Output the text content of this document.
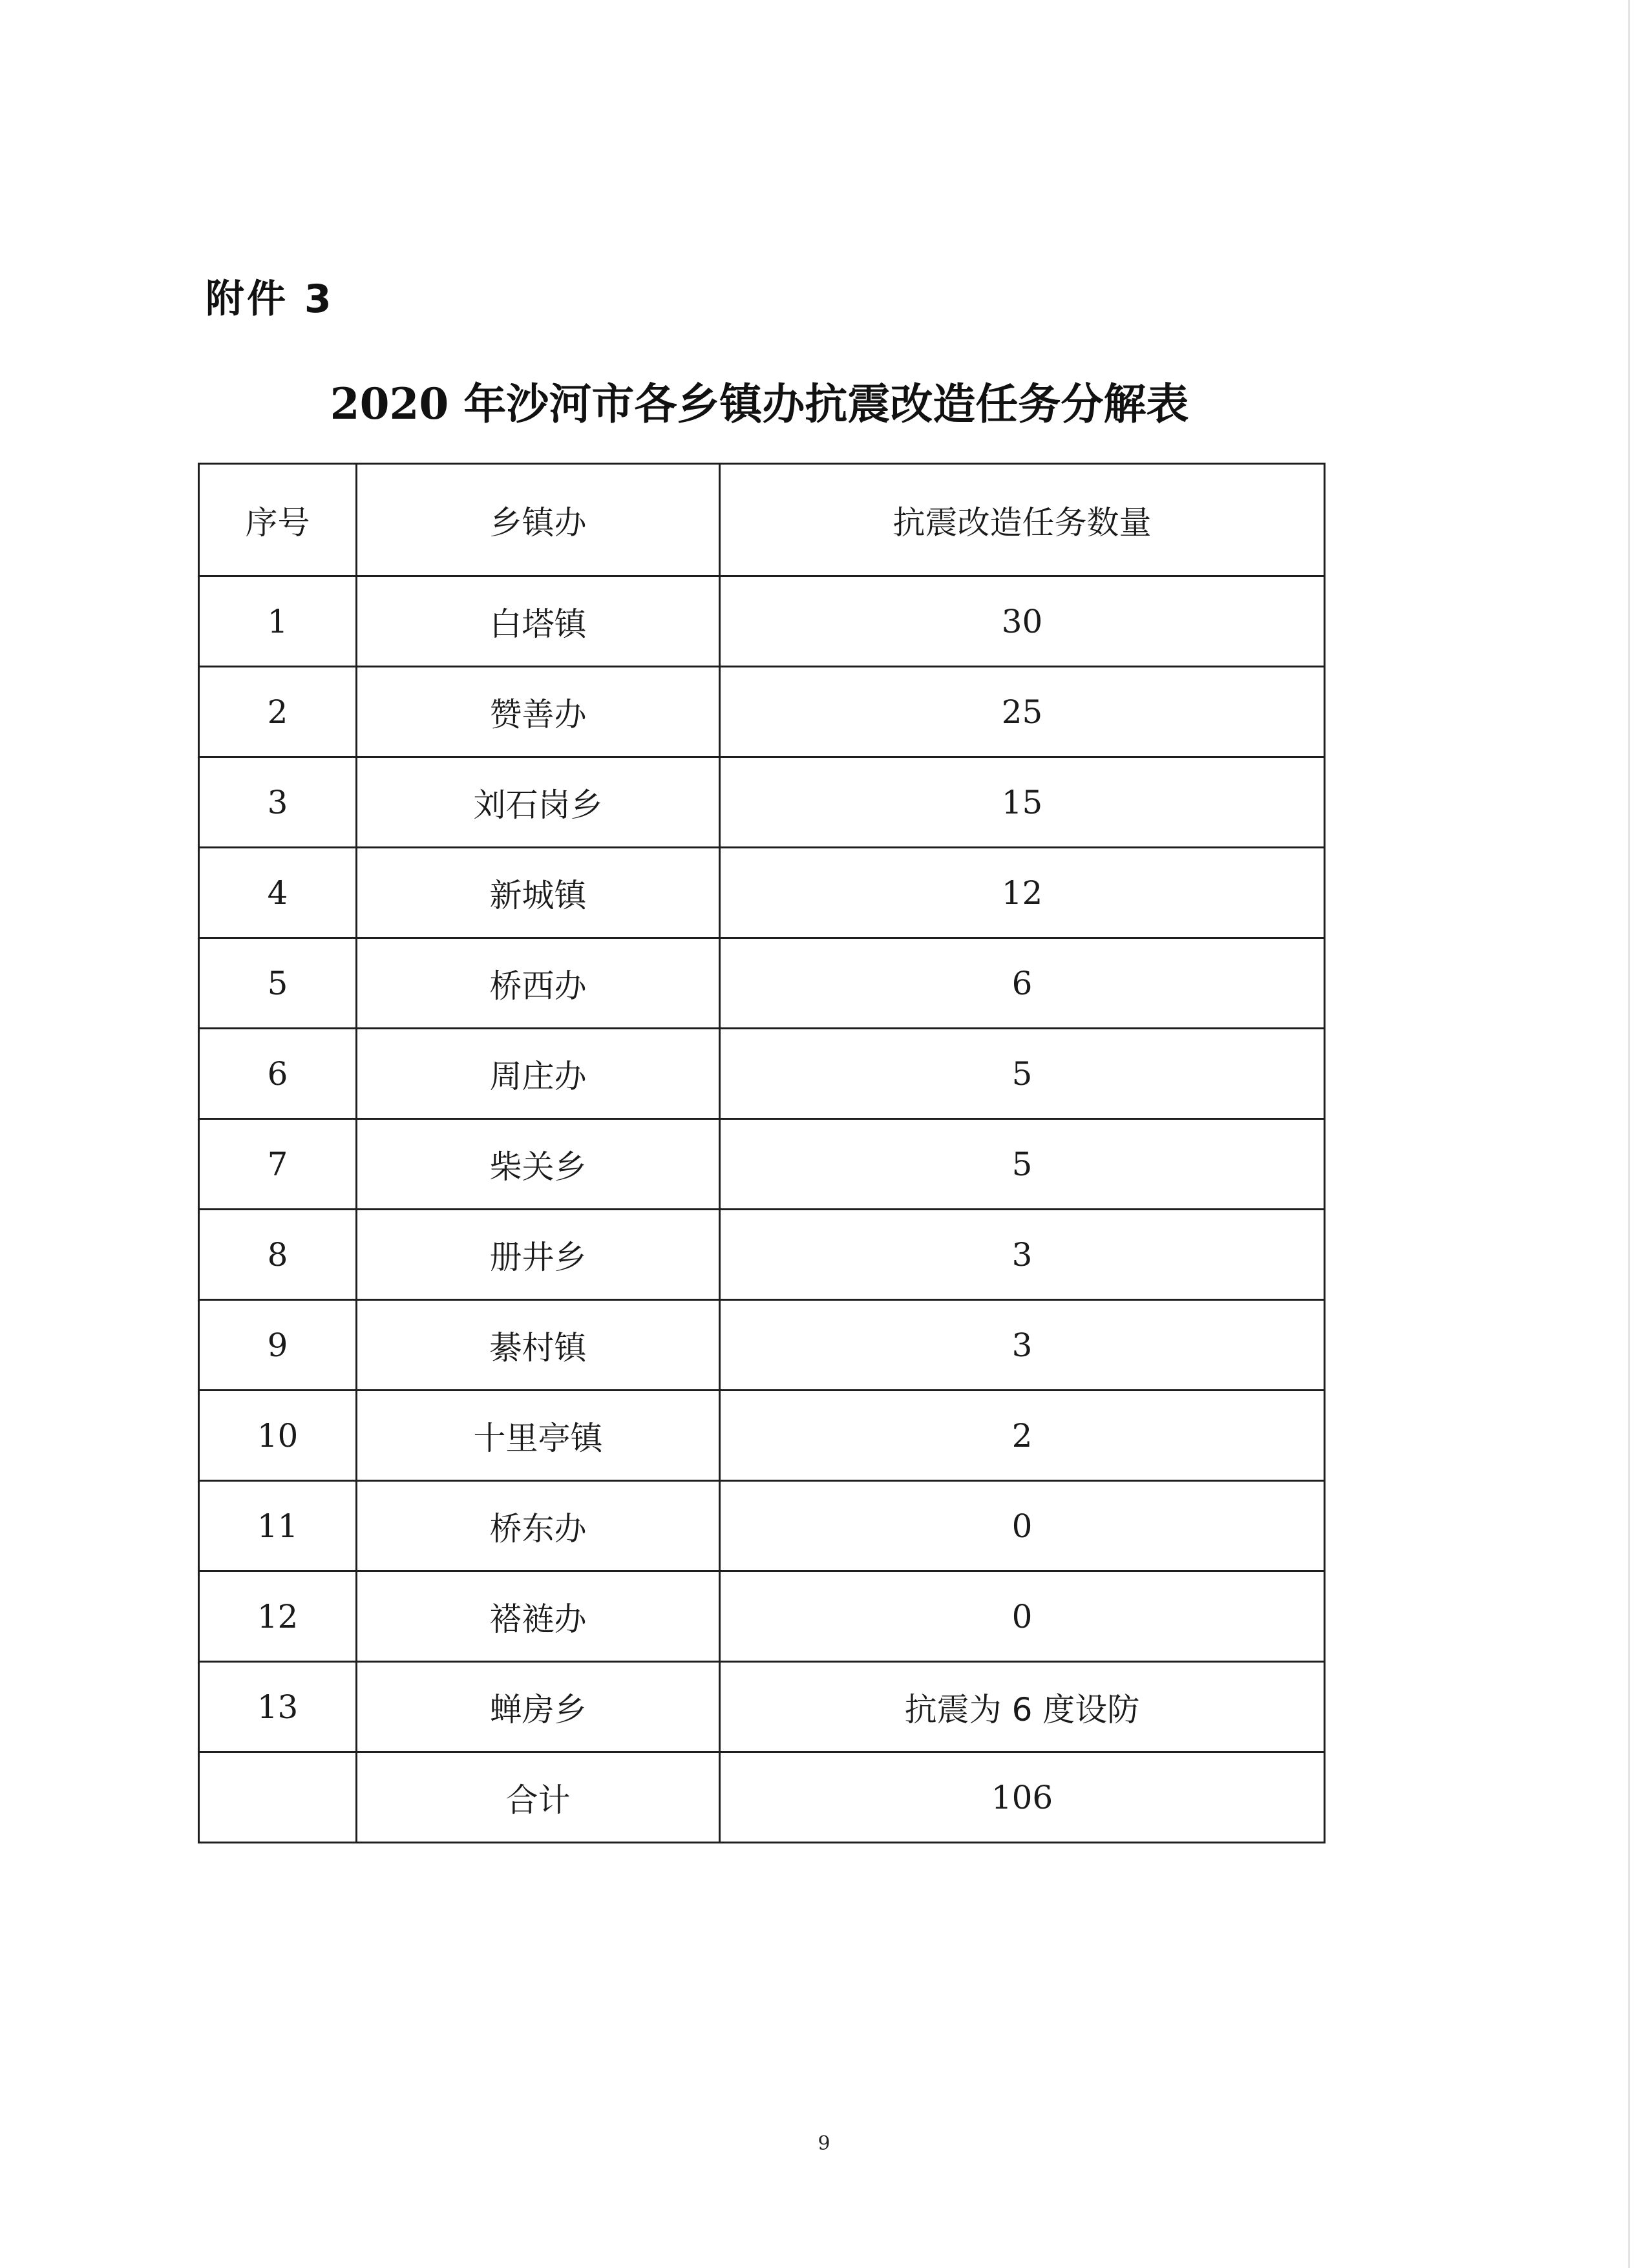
附件 3
2020 年沙河市各乡镇办抗震改造任务分解表
序号	乡镇办	抗震改造任务数量
1	白塔镇	30
2	赞善办	25
3	刘石岗乡	15
4	新城镇	12
5	桥西办	6
6	周庄办	5
7	柴关乡	5
8	册井乡	3
9	綦村镇	3
10	十里亭镇	2
11	桥东办	0
12	褡裢办	0
13	蝉房乡	抗震为 6 度设防
	合计	106
9
